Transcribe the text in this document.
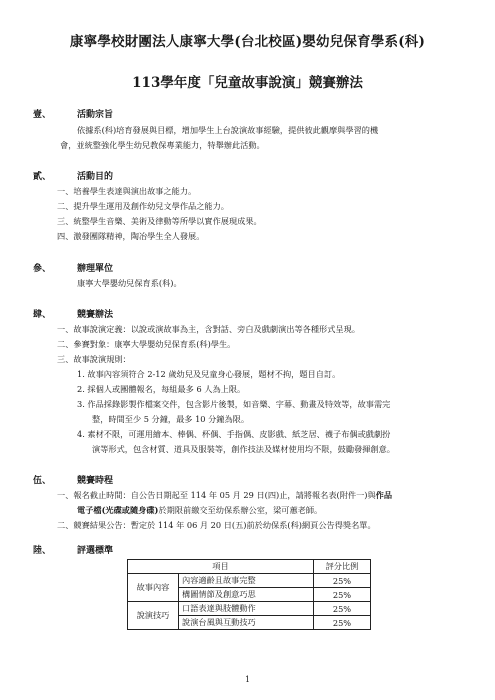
康寧學校財團法人康寧大學(台北校區)嬰幼兒保育學系(科)
113學年度「兒童故事說演」競賽辦法
壹、	活動宗旨
依據系(科)培育發展與目標，增加學生上台說演故事經驗，提供彼此觀摩與學習的機
會，並統整強化學生幼兒教保專業能力，特舉辦此活動。
貳、	活動目的
一、培養學生表達與演出故事之能力。
二、提升學生運用及創作幼兒文學作品之能力。
三、統整學生音樂、美術及律動等所學以實作展現成果。
四、激發團隊精神，陶冶學生全人發展。
參、	辦理單位
康寧大學嬰幼兒保育系(科)。
肆、	競賽辦法
一、故事說演定義：以說或演故事為主，含對話、旁白及戲劇演出等各種形式呈現。
二、參賽對象：康寧大學嬰幼兒保育系(科)學生。
三、故事說演規則：
1. 故事內容須符合 2-12 歲幼兒及兒童身心發展，題材不拘，題目自訂。
2. 採個人或團體報名，每組最多 6 人為上限。
3. 作品採錄影製作檔案交件，包含影片後製，如音樂、字幕、動畫及特效等，故事需完
整，時間至少 5 分鐘，最多 10 分鐘為限。
4. 素材不限，可運用繪本、棒偶、杯偶、手指偶、皮影戲、紙芝居、襪子布偶或戲劇扮
演等形式，包含材質、道具及服裝等，創作技法及媒材使用均不限，鼓勵發揮創意。
伍、	競賽時程
一、報名截止時間：自公告日期起至 114 年 05 月 29 日(四)止，請將報名表(附件一)與作品
電子檔(光碟或隨身碟)於期限前繳交至幼保系辦公室，梁可蕙老師。
二、競賽結果公告：暫定於 114 年 06 月 20 日(五)前於幼保系(科)網頁公告得獎名單。
陸、	評選標準
項目		評分比例
故事內容	內容適齡且故事完整	25%
	構圖情節及創意巧思	25%
說演技巧	口語表達與肢體動作	25%
	說演台風與互動技巧	25%
1
